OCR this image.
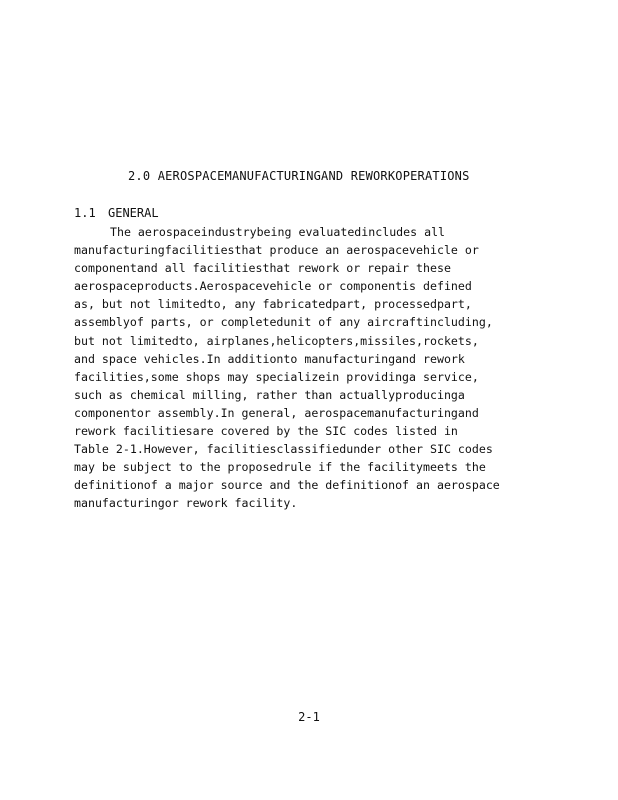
2.0 AEROSPACEMANUFACTURINGAND REWORKOPERATIONS
1.1 GENERAL
The aerospaceindustrybeing evaluatedincludes all
manufacturingfacilitiesthat produce an aerospacevehicle or
componentand all facilitiesthat rework or repair these
aerospaceproducts.Aerospacevehicle or componentis defined
as, but not limitedto, any fabricatedpart, processedpart,
assemblyof parts, or completedunit of any aircraftincluding,
but not limitedto, airplanes,helicopters,missiles,rockets,
and space vehicles.In additionto manufacturingand rework
facilities,some shops may specializein providinga service,
such as chemical milling, rather than actuallyproducinga
componentor assembly.In general, aerospacemanufacturingand
rework facilitiesare covered by the SIC codes listed in
Table 2-1.However, facilitiesclassifiedunder other SIC codes
may be subject to the proposedrule if the facilitymeets the
definitionof a major source and the definitionof an aerospace
manufacturingor rework facility.
2-1
